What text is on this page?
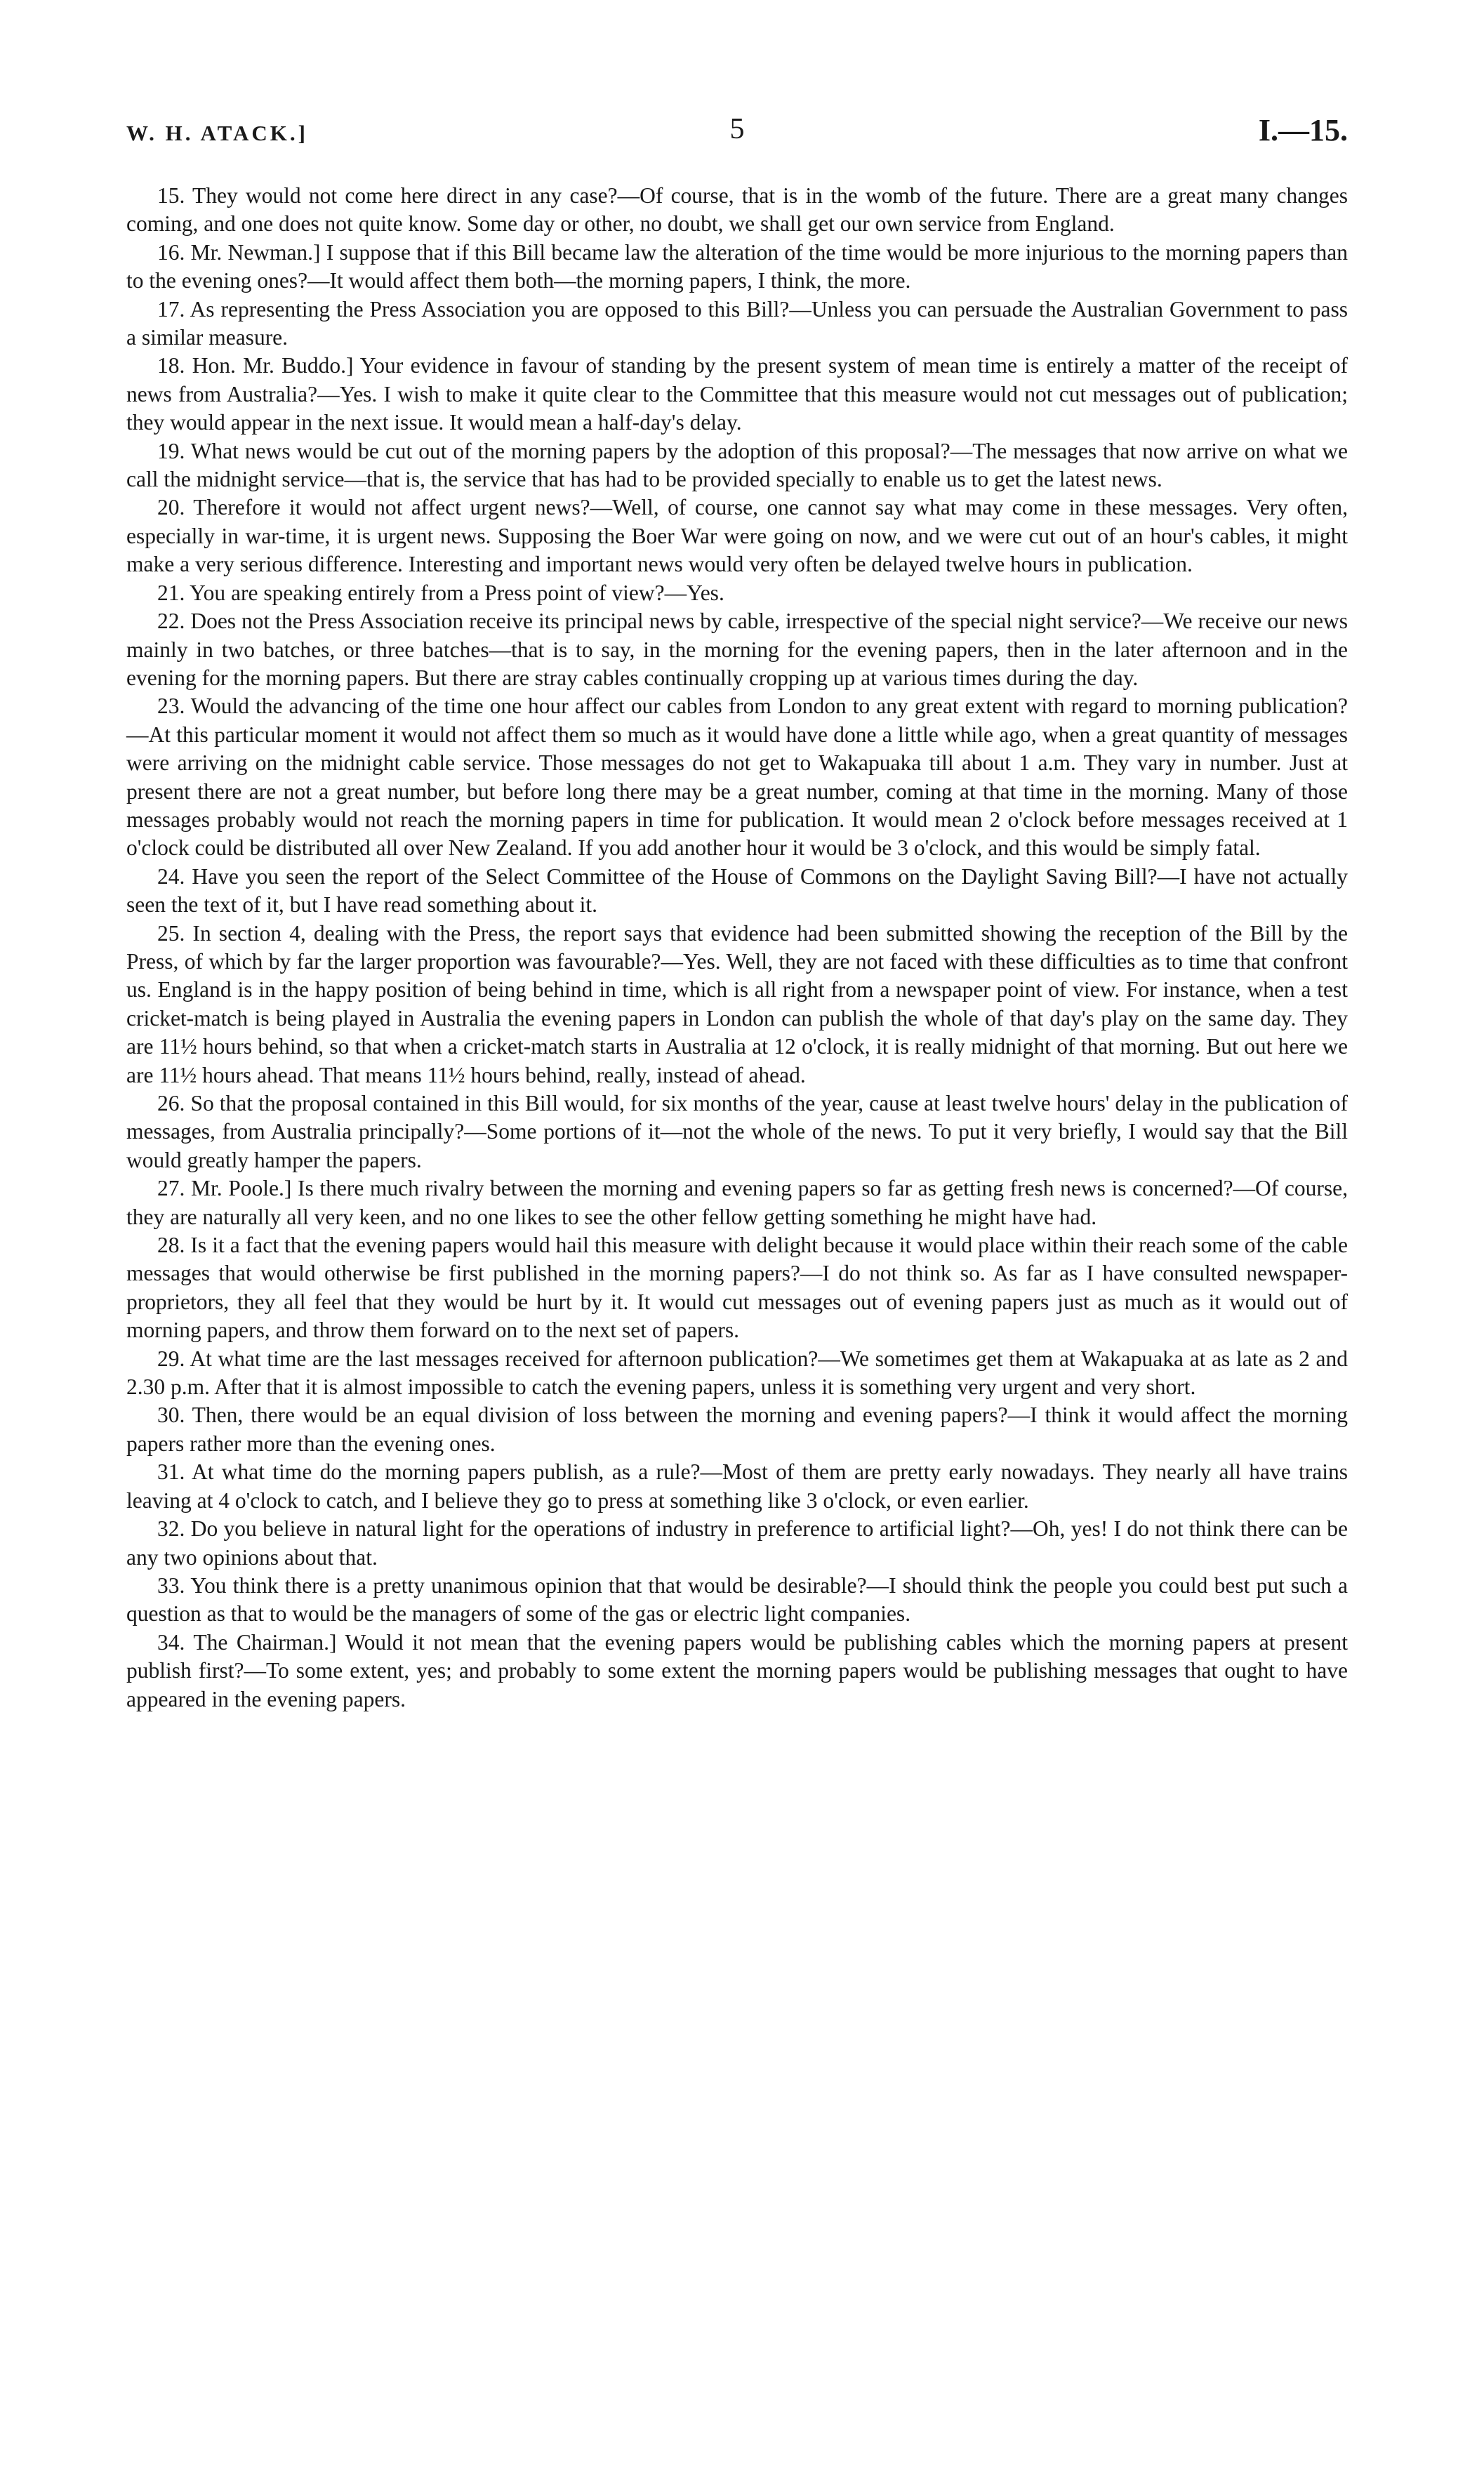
W. H. ATACK.]	5	I.—15.

15. They would not come here direct in any case?—Of course, that is in the womb of the future. There are a great many changes coming, and one does not quite know. Some day or other, no doubt, we shall get our own service from England.

16. Mr. Newman.] I suppose that if this Bill became law the alteration of the time would be more injurious to the morning papers than to the evening ones?—It would affect them both—the morning papers, I think, the more.

17. As representing the Press Association you are opposed to this Bill?—Unless you can persuade the Australian Government to pass a similar measure.

18. Hon. Mr. Buddo.] Your evidence in favour of standing by the present system of mean time is entirely a matter of the receipt of news from Australia?—Yes. I wish to make it quite clear to the Committee that this measure would not cut messages out of publication; they would appear in the next issue. It would mean a half-day's delay.

19. What news would be cut out of the morning papers by the adoption of this proposal?—The messages that now arrive on what we call the midnight service—that is, the service that has had to be provided specially to enable us to get the latest news.

20. Therefore it would not affect urgent news?—Well, of course, one cannot say what may come in these messages. Very often, especially in war-time, it is urgent news. Supposing the Boer War were going on now, and we were cut out of an hour's cables, it might make a very serious difference. Interesting and important news would very often be delayed twelve hours in publication.

21. You are speaking entirely from a Press point of view?—Yes.

22. Does not the Press Association receive its principal news by cable, irrespective of the special night service?—We receive our news mainly in two batches, or three batches—that is to say, in the morning for the evening papers, then in the later afternoon and in the evening for the morning papers. But there are stray cables continually cropping up at various times during the day.

23. Would the advancing of the time one hour affect our cables from London to any great extent with regard to morning publication?—At this particular moment it would not affect them so much as it would have done a little while ago, when a great quantity of messages were arriving on the midnight cable service. Those messages do not get to Wakapuaka till about 1 a.m. They vary in number. Just at present there are not a great number, but before long there may be a great number, coming at that time in the morning. Many of those messages probably would not reach the morning papers in time for publication. It would mean 2 o'clock before messages received at 1 o'clock could be distributed all over New Zealand. If you add another hour it would be 3 o'clock, and this would be simply fatal.

24. Have you seen the report of the Select Committee of the House of Commons on the Daylight Saving Bill?—I have not actually seen the text of it, but I have read something about it.

25. In section 4, dealing with the Press, the report says that evidence had been submitted showing the reception of the Bill by the Press, of which by far the larger proportion was favourable?—Yes. Well, they are not faced with these difficulties as to time that confront us. England is in the happy position of being behind in time, which is all right from a newspaper point of view. For instance, when a test cricket-match is being played in Australia the evening papers in London can publish the whole of that day's play on the same day. They are 11½ hours behind, so that when a cricket-match starts in Australia at 12 o'clock, it is really midnight of that morning. But out here we are 11½ hours ahead. That means 11½ hours behind, really, instead of ahead.

26. So that the proposal contained in this Bill would, for six months of the year, cause at least twelve hours' delay in the publication of messages, from Australia principally?—Some portions of it—not the whole of the news. To put it very briefly, I would say that the Bill would greatly hamper the papers.

27. Mr. Poole.] Is there much rivalry between the morning and evening papers so far as getting fresh news is concerned?—Of course, they are naturally all very keen, and no one likes to see the other fellow getting something he might have had.

28. Is it a fact that the evening papers would hail this measure with delight because it would place within their reach some of the cable messages that would otherwise be first published in the morning papers?—I do not think so. As far as I have consulted newspaper-proprietors, they all feel that they would be hurt by it. It would cut messages out of evening papers just as much as it would out of morning papers, and throw them forward on to the next set of papers.

29. At what time are the last messages received for afternoon publication?—We sometimes get them at Wakapuaka at as late as 2 and 2.30 p.m. After that it is almost impossible to catch the evening papers, unless it is something very urgent and very short.

30. Then, there would be an equal division of loss between the morning and evening papers?—I think it would affect the morning papers rather more than the evening ones.

31. At what time do the morning papers publish, as a rule?—Most of them are pretty early nowadays. They nearly all have trains leaving at 4 o'clock to catch, and I believe they go to press at something like 3 o'clock, or even earlier.

32. Do you believe in natural light for the operations of industry in preference to artificial light?—Oh, yes! I do not think there can be any two opinions about that.

33. You think there is a pretty unanimous opinion that that would be desirable?—I should think the people you could best put such a question as that to would be the managers of some of the gas or electric light companies.

34. The Chairman.] Would it not mean that the evening papers would be publishing cables which the morning papers at present publish first?—To some extent, yes; and probably to some extent the morning papers would be publishing messages that ought to have appeared in the evening papers.
